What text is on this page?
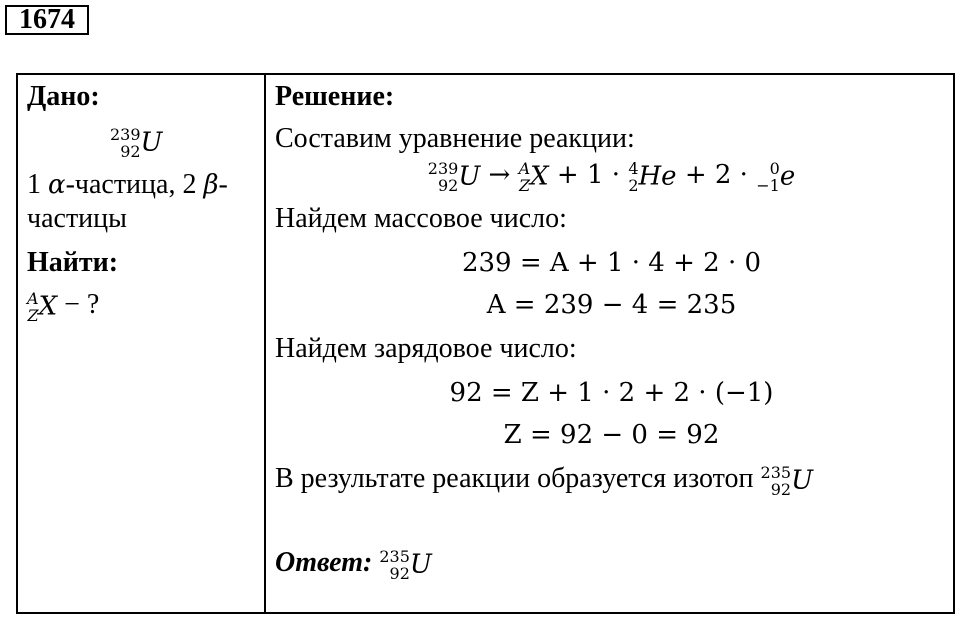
1674
Дано:
239
92 U
1 α-частица, 2 β-
частицы
Найти:
A
Z X − ?
Решение:
Составим уравнение реакции:
239
92 U → A
Z X + 1 · 4
2 He + 2 · 0
−1 e
Найдем массовое число:
239 = A + 1 · 4 + 2 · 0
A = 239 − 4 = 235
Найдем зарядовое число:
92 = Z + 1 · 2 + 2 · (−1)
Z = 92 − 0 = 92
В результате реакции образуется изотоп 235
92 U
Ответ: 235
92 U
